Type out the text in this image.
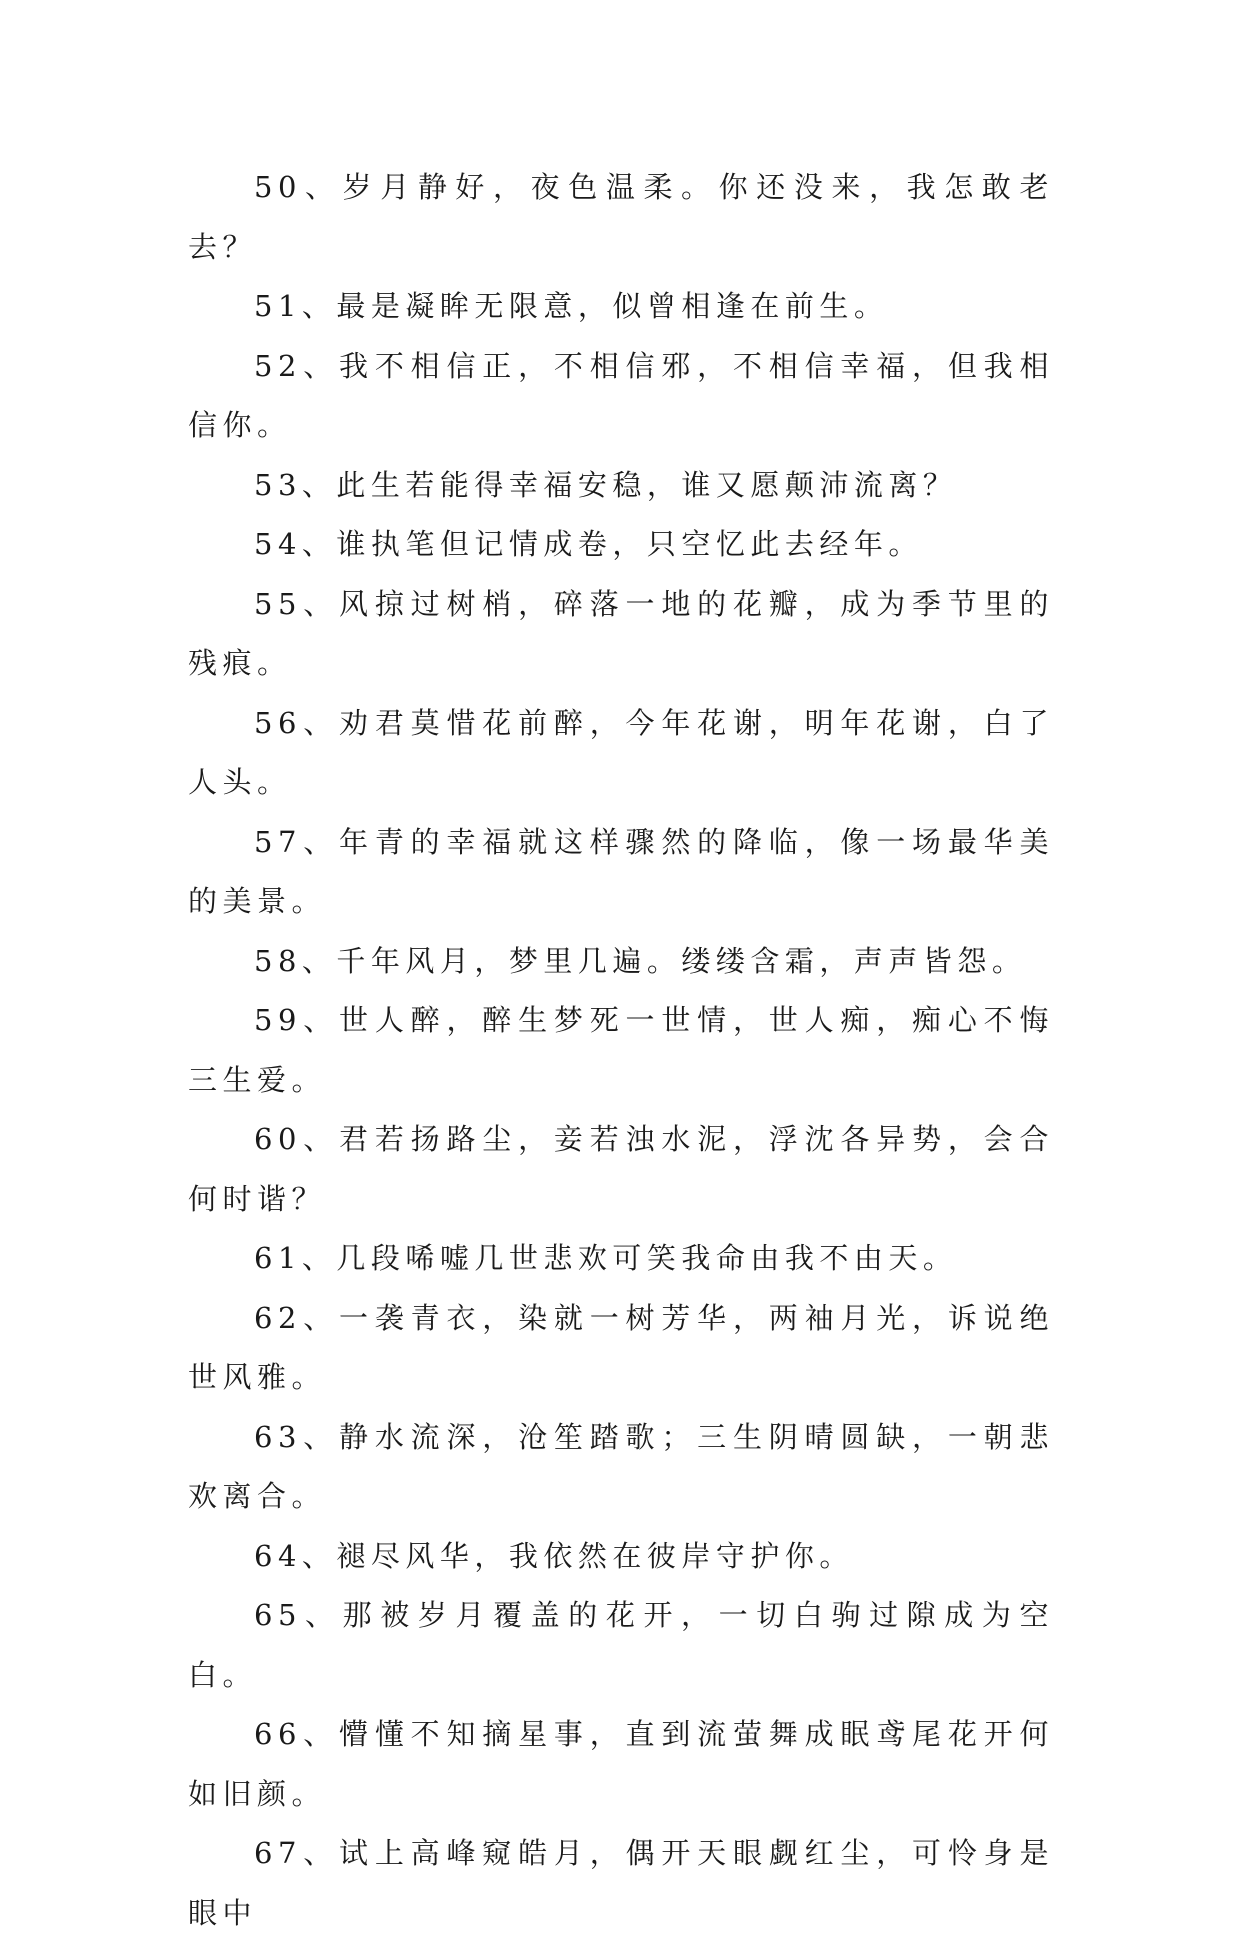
50、岁月静好，夜色温柔。你还没来，我怎敢老去？

51、最是凝眸无限意，似曾相逢在前生。

52、我不相信正，不相信邪，不相信幸福，但我相信你。

53、此生若能得幸福安稳，谁又愿颠沛流离？

54、谁执笔但记情成卷，只空忆此去经年。

55、风掠过树梢，碎落一地的花瓣，成为季节里的残痕。

56、劝君莫惜花前醉，今年花谢，明年花谢，白了人头。

57、年青的幸福就这样骤然的降临，像一场最华美的美景。

58、千年风月，梦里几遍。缕缕含霜，声声皆怨。

59、世人醉，醉生梦死一世情，世人痴，痴心不悔三生爱。

60、君若扬路尘，妾若浊水泥，浮沈各异势，会合何时谐？

61、几段唏嘘几世悲欢可笑我命由我不由天。

62、一袭青衣，染就一树芳华，两袖月光，诉说绝世风雅。

63、静水流深，沧笙踏歌；三生阴晴圆缺，一朝悲欢离合。

64、褪尽风华，我依然在彼岸守护你。

65、那被岁月覆盖的花开，一切白驹过隙成为空白。

66、懵懂不知摘星事，直到流萤舞成眠鸢尾花开何如旧颜。

67、试上高峰窥皓月，偶开天眼觑红尘，可怜身是眼中
